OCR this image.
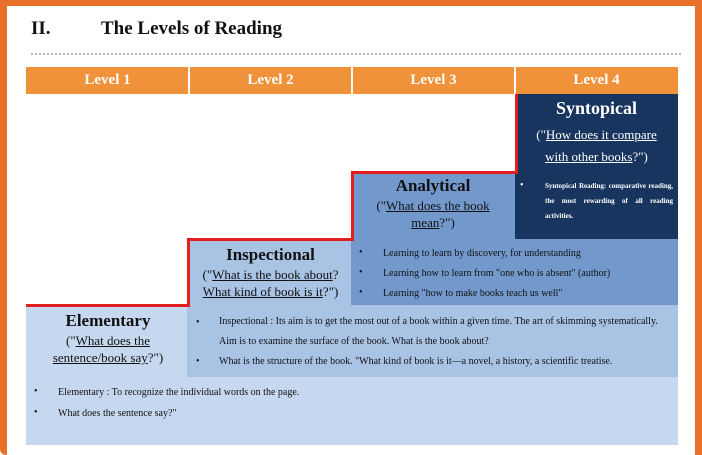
II.	The Levels of Reading
Level 1	Level 2	Level 3	Level 4
Syntopical
("How does it compare
with other books?")
•	Syntopical Reading: comparative reading, the most rewarding of all reading activities.
Analytical
("What does the book
mean?")
•
•
•
Learning to learn by discovery, for understanding
Learning how to learn from "one who is absent" (author)
Learning "how to make books teach us well"
Inspectional
("What is the book about?
What kind of book is it?")
•
•
Inspectional : Its aim is to get the most out of a book within a given time. The art of skimming systematically. Aim is to examine the surface of the book. What is the book about?
What is the structure of the book. "What kind of book is it—a novel, a history, a scientific treatise.
Elementary
("What does the
sentence/book say?")
•
•
Elementary : To recognize the individual words on the page.
What does the sentence say?"
